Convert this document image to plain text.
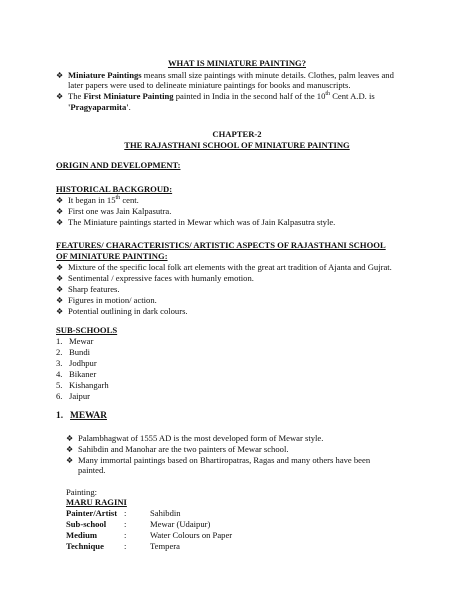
WHAT IS MINIATURE PAINTING?
❖ Miniature Paintings means small size paintings with minute details. Clothes, palm leaves and
later papers were used to delineate miniature paintings for books and manuscripts.
❖ The First Miniature Painting painted in India in the second half of the 10th Cent A.D. is
'Pragyaparmita'.
CHAPTER-2
THE RAJASTHANI SCHOOL OF MINIATURE PAINTING
ORIGIN AND DEVELOPMENT:
HISTORICAL BACKGROUD:
❖ It began in 15th cent.
❖ First one was Jain Kalpasutra.
❖ The Miniature paintings started in Mewar which was of Jain Kalpasutra style.
FEATURES/ CHARACTERISTICS/ ARTISTIC ASPECTS OF RAJASTHANI SCHOOL
OF MINIATURE PAINTING:
❖ Mixture of the specific local folk art elements with the great art tradition of Ajanta and Gujrat.
❖ Sentimental / expressive faces with humanly emotion.
❖ Sharp features.
❖ Figures in motion/ action.
❖ Potential outlining in dark colours.
SUB-SCHOOLS
1. Mewar
2. Bundi
3. Jodhpur
4. Bikaner
5. Kishangarh
6. Jaipur
1. MEWAR
❖ Palambhagwat of 1555 AD is the most developed form of Mewar style.
❖ Sahibdin and Manohar are the two painters of Mewar school.
❖ Many immortal paintings based on Bhartiropatras, Ragas and many others have been
painted.
Painting:
MARU RAGINI
Painter/Artist :	Sahibdin
Sub-school :	Mewar (Udaipur)
Medium	:	Water Colours on Paper
Technique :	Tempera
